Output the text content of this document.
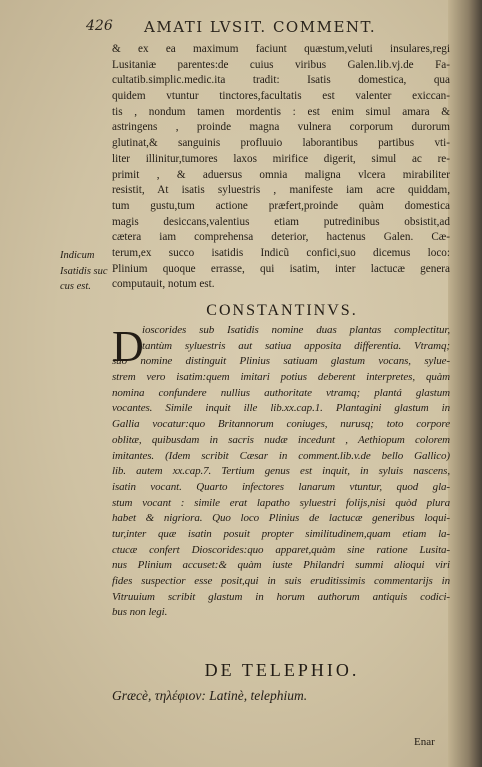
426 AMATI LVSIT. COMMENT.
& ex ea maximum faciunt quæstum,veluti insulares,regi
Lusitaniæ parentes:de cuius viribus Galen.lib.vj.de Fa-
cultatib.simplic.medic.ita tradit: Isatis domestica, qua
quidem vtuntur tinctores,facultatis est valenter exiccan-
tis , nondum tamen mordentis : est enim simul amara &
astringens , proinde magna vulnera corporum durorum
glutinat,& sanguinis profluuio laborantibus partibus vti-
liter illinitur,tumores laxos mirifice digerit, simul ac re-
primit , & aduersus omnia maligna vlcera mirabiliter
resistit, At isatis syluestris , manifeste iam acre quiddam,
tum gustu,tum actione præfert,proinde quàm domestica
magis desiccans,valentius etiam putredinibus obsistit,ad
cætera iam comprehensa deterior, hactenus Galen. Cæ-
terum,ex succo isatidis Indicũ confici,suo dicemus loco:
Plinium quoque errasse, qui isatim, inter lactucæ genera
computauit, notum est.
Indicum
Isatidis suc
cus est.
CONSTANTINVS.
D
ioscorides sub Isatidis nomine duas plantas complectitur,
tantùm syluestris aut satiua apposita differentia. Vtramq;
suo nomine distinguit Plinius satiuam glastum vocans, sylue-
strem vero isatim:quem imitari potius deberent interpretes, quàm
nomina confundere nullius authoritate vtramq; plantá glastum
vocantes. Simile inquit ille lib.xx.cap.1. Plantagini glastum in
Gallia vocatur:quo Britannorum coniuges, nurusq; toto corpore
oblitæ, quibusdam in sacris nudæ incedunt , Aethiopum colorem
imitantes. (Idem scribit Cæsar in comment.lib.v.de bello Gallico)
lib. autem xx.cap.7. Tertium genus est inquit, in syluis nascens,
isatin vocant. Quarto infectores lanarum vtuntur, quod gla-
stum vocant : simile erat lapatho syluestri folijs,nisi quòd plura
habet & nigriora. Quo loco Plinius de lactucæ generibus loqui-
tur,inter quæ isatin posuit propter similitudinem,quam etiam la-
ctucæ confert Dioscorides:quo apparet,quàm sine ratione Lusita-
nus Plinium accuset:& quàm iuste Philandri summi alioqui viri
fides suspectior esse posit,qui in suis eruditissimis commentarijs in
Vitruuium scribit glastum in horum authorum antiquis codici-
bus non legi.
DE TELEPHIO.
Græcè, τηλέφιον: Latinè, telephium.
Enar
